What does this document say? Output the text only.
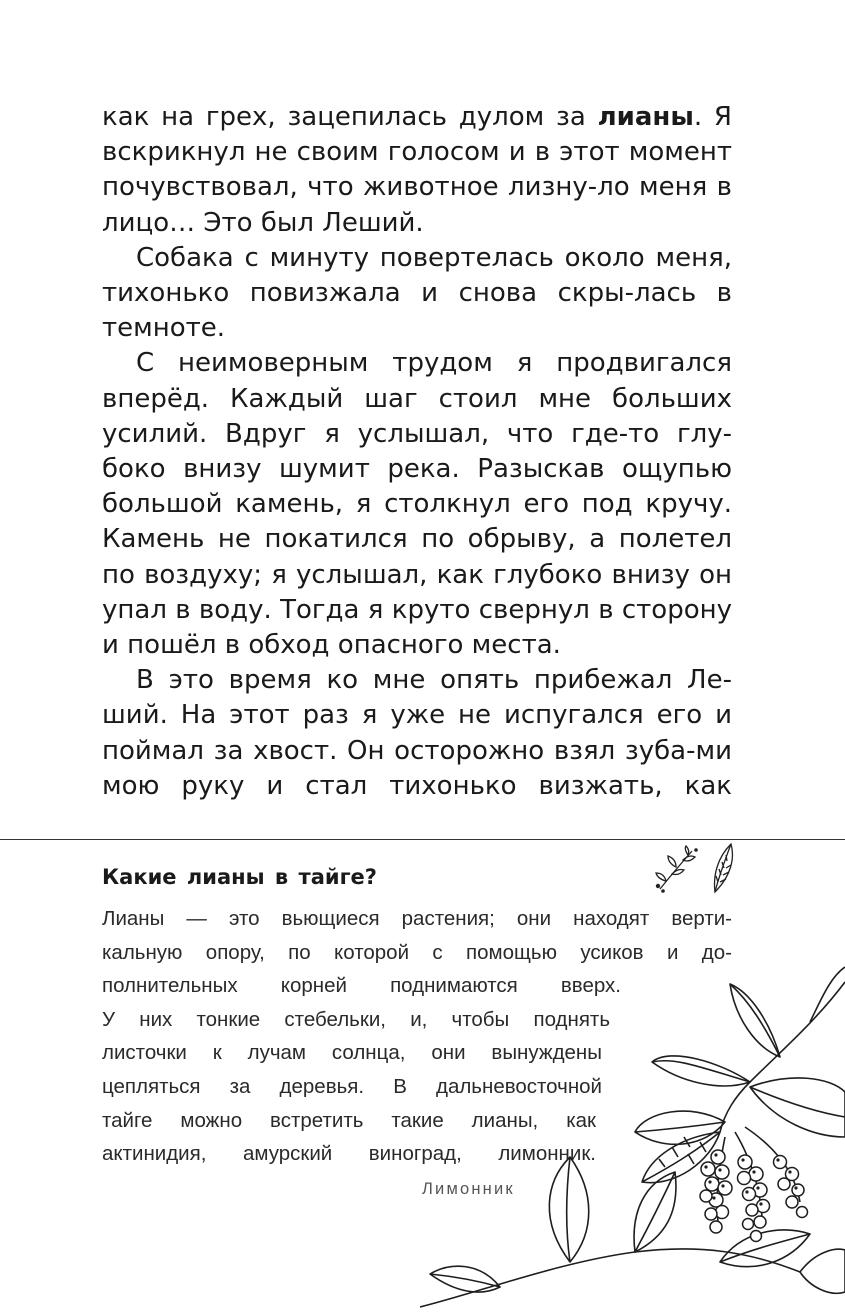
как на грех, зацепилась дулом за лианы. Я вскрикнул не своим голосом и в этот момент почувствовал, что животное лизну-ло меня в лицо… Это был Леший.

Собака с минуту повертелась около меня, тихонько повизжала и снова скры-лась в темноте.

С неимоверным трудом я продвигался вперёд. Каждый шаг стоил мне больших усилий. Вдруг я услышал, что где-то глу-боко внизу шумит река. Разыскав ощупью большой камень, я столкнул его под кручу. Камень не покатился по обрыву, а полетел по воздуху; я услышал, как глубоко внизу он упал в воду. Тогда я круто свернул в сторону и пошёл в обход опасного места.

В это время ко мне опять прибежал Ле-ший. На этот раз я уже не испугался его и поймал за хвост. Он осторожно взял зуба-ми мою руку и стал тихонько визжать, как

Какие лианы в тайге?
Лианы — это вьющиеся растения; они находят верти-
кальную опору, по которой с помощью усиков и до-
полнительных корней поднимаются вверх.
У них тонкие стебельки, и, чтобы поднять
листочки к лучам солнца, они вынуждены
цепляться за деревья. В дальневосточной
тайге можно встретить такие лианы, как
актинидия, амурский виноград, лимонник.
Лимонник
